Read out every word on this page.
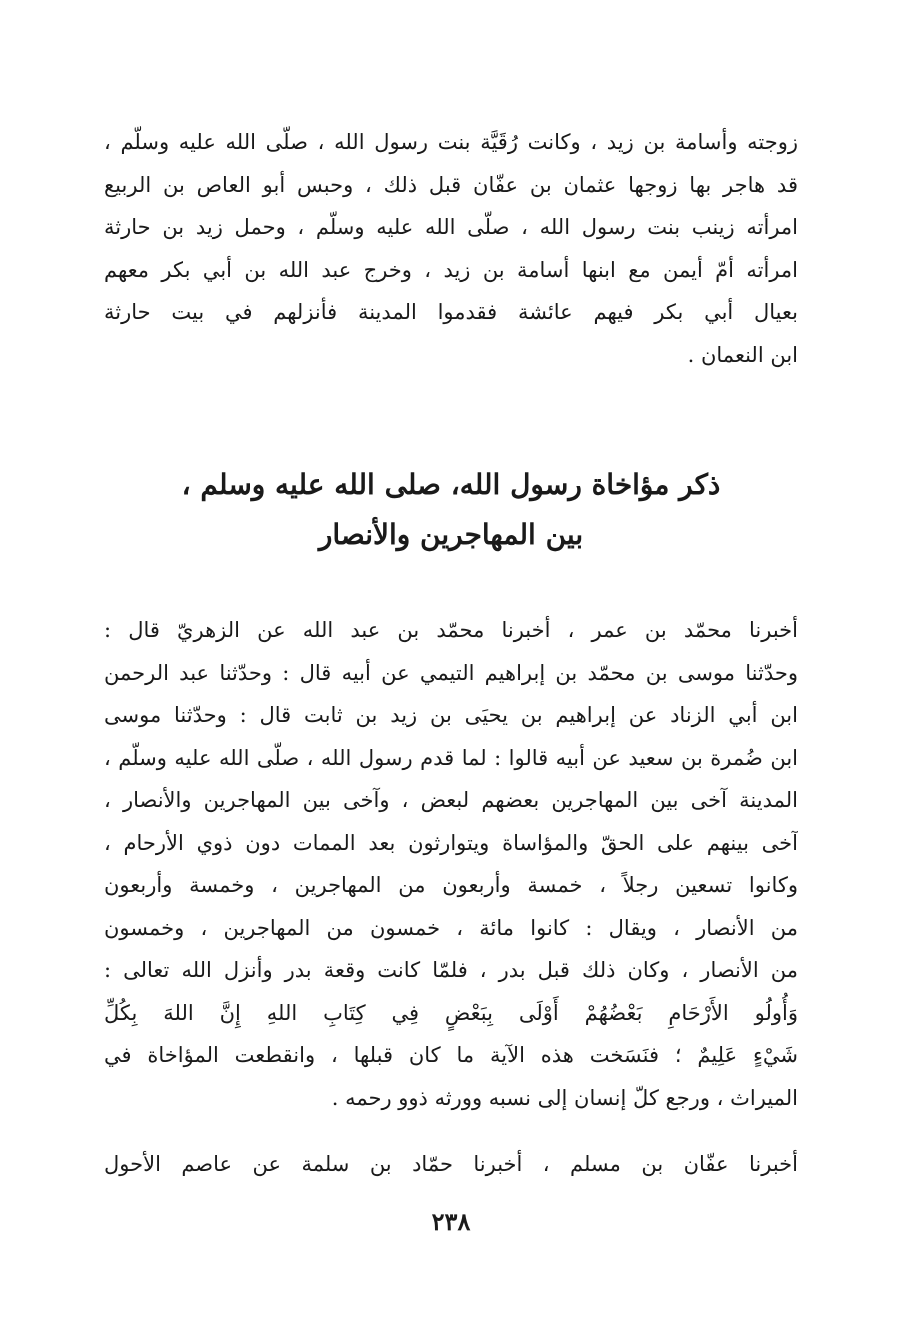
زوجته وأسامة بن زيد ، وكانت رُقَيَّة بنت رسول الله ، صلّى الله عليه وسلّم ،
قد هاجر بها زوجها عثمان بن عفّان قبل ذلك ، وحبس أبو العاص بن الربيع
امرأته زينب بنت رسول الله ، صلّى الله عليه وسلّم ، وحمل زيد بن حارثة
امرأته أمّ أيمن مع ابنها أسامة بن زيد ، وخرج عبد الله بن أبي بكر معهم
بعيال أبي بكر فيهم عائشة فقدموا المدينة فأنزلهم في بيت حارثة
ابن النعمان .
ذكر مؤاخاة رسول الله، صلى الله عليه وسلم ،
بين المهاجرين والأنصار
أخبرنا محمّد بن عمر ، أخبرنا محمّد بن عبد الله عن الزهريّ قال :
وحدّثنا موسى بن محمّد بن إبراهيم التيمي عن أبيه قال : وحدّثنا عبد الرحمن
ابن أبي الزناد عن إبراهيم بن يحيَى بن زيد بن ثابت قال : وحدّثنا موسى
ابن ضُمرة بن سعيد عن أبيه قالوا : لما قدم رسول الله ، صلّى الله عليه وسلّم ،
المدينة آخى بين المهاجرين بعضهم لبعض ، وآخى بين المهاجرين والأنصار ،
آخى بينهم على الحقّ والمؤاساة ويتوارثون بعد الممات دون ذوي الأرحام ،
وكانوا تسعين رجلاً ، خمسة وأربعون من المهاجرين ، وخمسة وأربعون
من الأنصار ، ويقال : كانوا مائة ، خمسون من المهاجرين ، وخمسون
من الأنصار ، وكان ذلك قبل بدر ، فلمّا كانت وقعة بدر وأنزل الله تعالى :
وَأُولُو الأَرْحَامِ بَعْضُهُمْ أَوْلَى بِبَعْضٍ فِي كِتَابِ اللهِ إِنَّ اللهَ بِكُلِّ
شَيْءٍ عَلِيمٌ ؛ فنَسَخت هذه الآية ما كان قبلها ، وانقطعت المؤاخاة في
الميراث ، ورجع كلّ إنسان إلى نسبه وورثه ذوو رحمه .
أخبرنا عفّان بن مسلم ، أخبرنا حمّاد بن سلمة عن عاصم الأحول
٢٣٨
